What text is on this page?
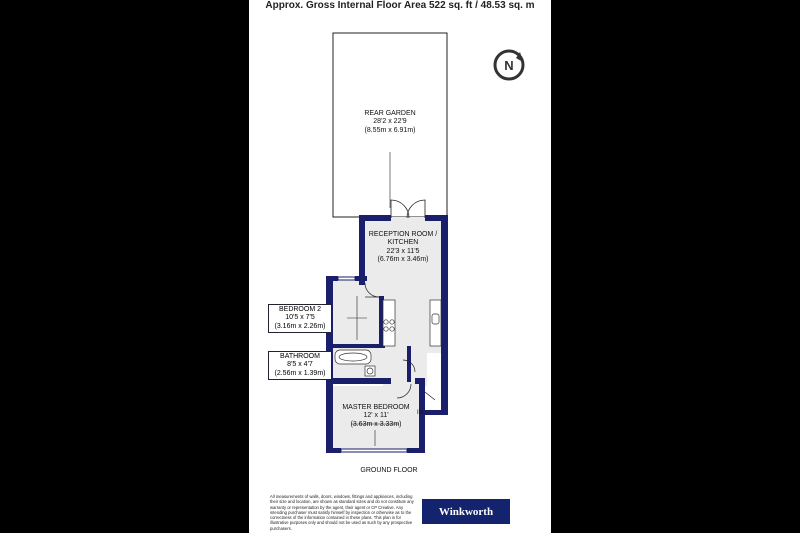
Approx. Gross Internal Floor Area 522 sq. ft / 48.53 sq. m
N
REAR GARDEN
28'2 x 22'9
(8.55m x 6.91m)
RECEPTION ROOM /
KITCHEN
22'3 x 11'5
(6.76m x 3.46m)
BEDROOM 2
10'5 x 7'5
(3.16m x 2.26m)
BATHROOM
8'5 x 4'7
(2.56m x 1.39m)
MASTER BEDROOM
12' x 11'
(3.63m x 3.33m)
IN
GROUND FLOOR
All measurements of walls, doors, windows, fittings and appliances, including their size and location, are shown as standard sizes and do not constitute any warranty or representation by the agent, their agent or CP Creative. Any intending purchaser must satisfy himself by inspection or otherwise as to the correctness of the information contained in these plans. This plan is for illustrative purposes only and should not be used as such by any prospective purchasers.
Winkworth
